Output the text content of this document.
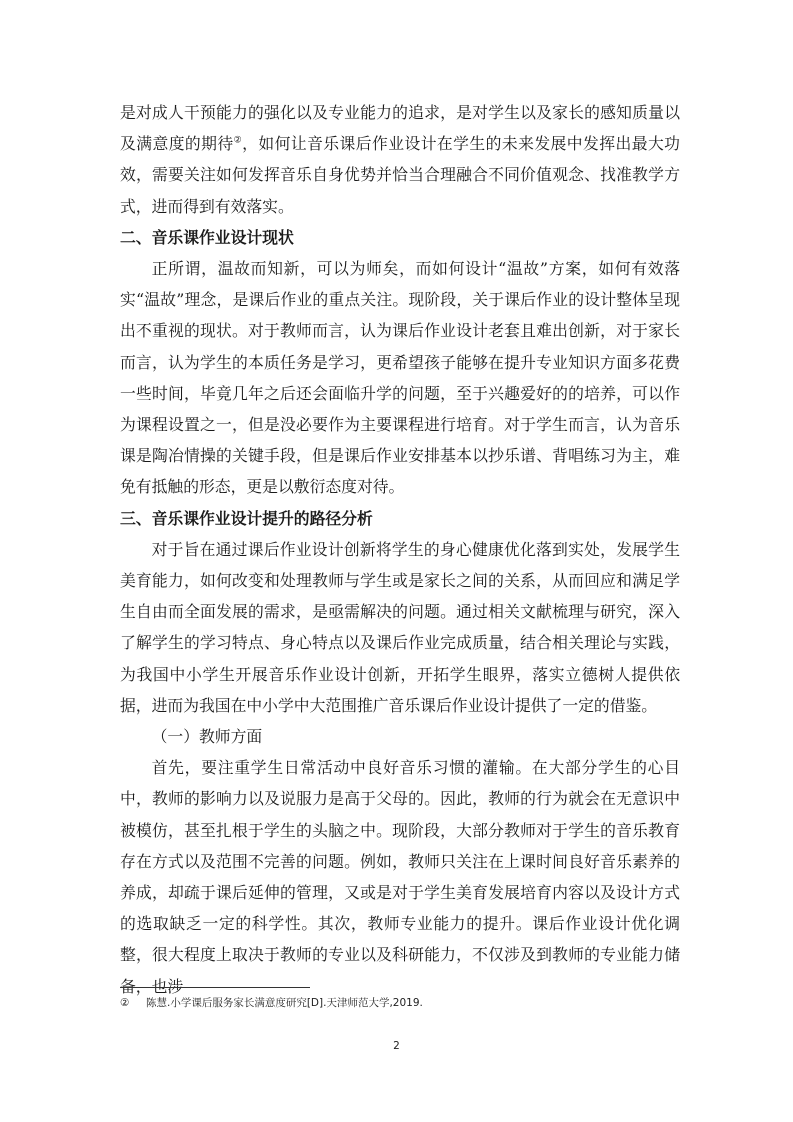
是对成人干预能力的强化以及专业能力的追求，是对学生以及家长的感知质量以及满意度的期待②，如何让音乐课后作业设计在学生的未来发展中发挥出最大功效，需要关注如何发挥音乐自身优势并恰当合理融合不同价值观念、找准教学方式，进而得到有效落实。

二、音乐课作业设计现状

正所谓，温故而知新，可以为师矣，而如何设计“温故”方案，如何有效落实“温故”理念，是课后作业的重点关注。现阶段，关于课后作业的设计整体呈现出不重视的现状。对于教师而言，认为课后作业设计老套且难出创新，对于家长而言，认为学生的本质任务是学习，更希望孩子能够在提升专业知识方面多花费一些时间，毕竟几年之后还会面临升学的问题，至于兴趣爱好的的培养，可以作为课程设置之一，但是没必要作为主要课程进行培育。对于学生而言，认为音乐课是陶冶情操的关键手段，但是课后作业安排基本以抄乐谱、背唱练习为主，难免有抵触的形态，更是以敷衍态度对待。

三、音乐课作业设计提升的路径分析

对于旨在通过课后作业设计创新将学生的身心健康优化落到实处，发展学生美育能力，如何改变和处理教师与学生或是家长之间的关系，从而回应和满足学生自由而全面发展的需求，是亟需解决的问题。通过相关文献梳理与研究，深入了解学生的学习特点、身心特点以及课后作业完成质量，结合相关理论与实践，为我国中小学生开展音乐作业设计创新，开拓学生眼界，落实立德树人提供依据，进而为我国在中小学中大范围推广音乐课后作业设计提供了一定的借鉴。

（一）教师方面

首先，要注重学生日常活动中良好音乐习惯的灌输。在大部分学生的心目中，教师的影响力以及说服力是高于父母的。因此，教师的行为就会在无意识中被模仿，甚至扎根于学生的头脑之中。现阶段，大部分教师对于学生的音乐教育存在方式以及范围不完善的问题。例如，教师只关注在上课时间良好音乐素养的养成，却疏于课后延伸的管理，又或是对于学生美育发展培育内容以及设计方式的选取缺乏一定的科学性。其次，教师专业能力的提升。课后作业设计优化调整，很大程度上取决于教师的专业以及科研能力，不仅涉及到教师的专业能力储备，也涉

② 陈慧.小学课后服务家长满意度研究[D].天津师范大学,2019.
2
